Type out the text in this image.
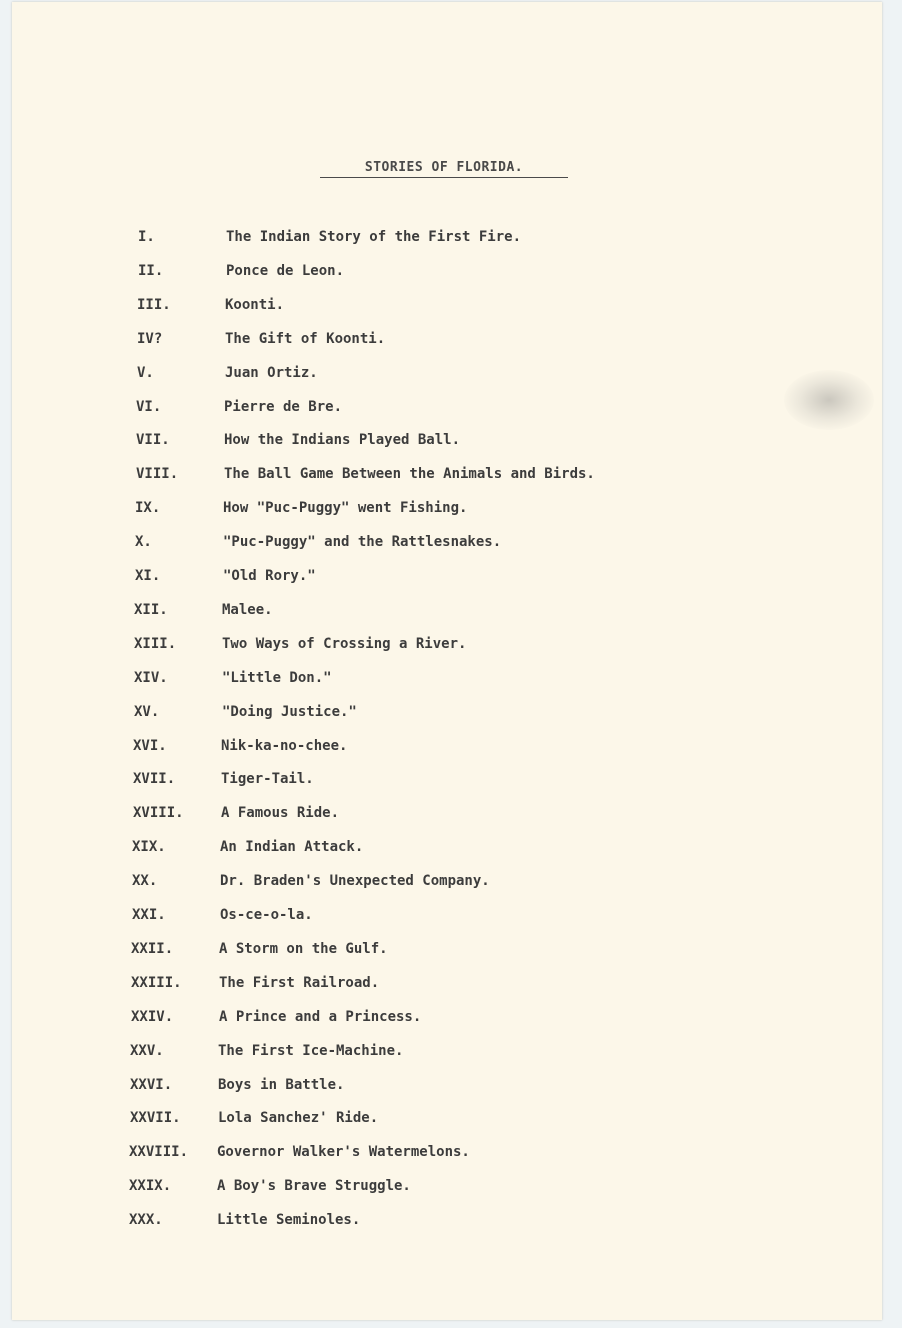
STORIES OF FLORIDA.
I.	The Indian Story of the First Fire.
II.	Ponce de Leon.
III.	Koonti.
IV?	The Gift of Koonti.
V.	Juan Ortiz.
VI.	Pierre de Bre.
VII.	How the Indians Played Ball.
VIII.	The Ball Game Between the Animals and Birds.
IX.	How "Puc-Puggy" went Fishing.
X.	"Puc-Puggy" and the Rattlesnakes.
XI.	"Old Rory."
XII.	Malee.
XIII.	Two Ways of Crossing a River.
XIV.	"Little Don."
XV.	"Doing Justice."
XVI.	Nik-ka-no-chee.
XVII.	Tiger-Tail.
XVIII.	A Famous Ride.
XIX.	An Indian Attack.
XX.	Dr. Braden's Unexpected Company.
XXI.	Os-ce-o-la.
XXII.	A Storm on the Gulf.
XXIII.	The First Railroad.
XXIV.	A Prince and a Princess.
XXV.	The First Ice-Machine.
XXVI.	Boys in Battle.
XXVII.	Lola Sanchez' Ride.
XXVIII. Governor Walker's Watermelons.
XXIX.	A Boy's Brave Struggle.
XXX.	Little Seminoles.
